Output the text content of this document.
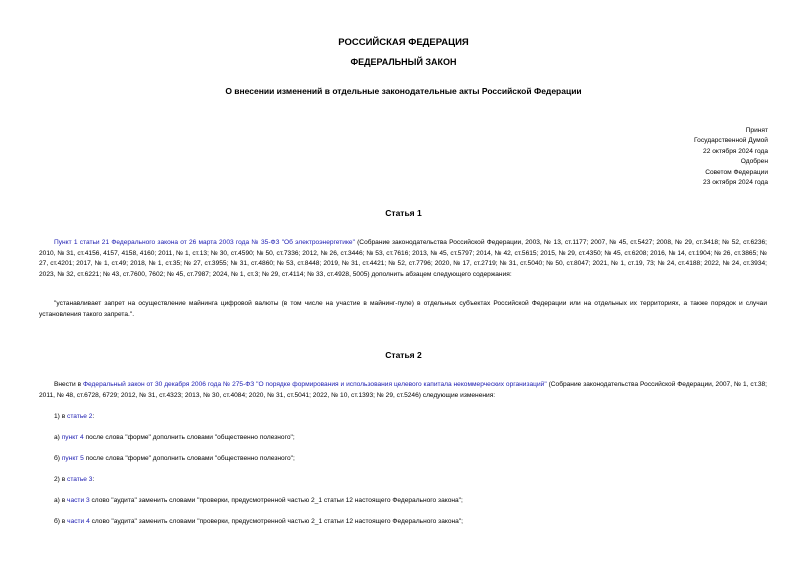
РОССИЙСКАЯ ФЕДЕРАЦИЯ
ФЕДЕРАЛЬНЫЙ ЗАКОН
О внесении изменений в отдельные законодательные акты Российской Федерации
Принят
Государственной Думой
22 октября 2024 года
Одобрен
Советом Федерации
23 октября 2024 года
Статья 1
Пункт 1 статьи 21 Федерального закона от 26 марта 2003 года № 35-ФЗ "Об электроэнергетике" (Собрание законодательства Российской Федерации, 2003, № 13, ст.1177; 2007, № 45, ст.5427; 2008, № 29, ст.3418; № 52, ст.6236; 2010, № 31, ст.4156, 4157, 4158, 4160; 2011, № 1, ст.13; № 30, ст.4590; № 50, ст.7336; 2012, № 26, ст.3446; № 53, ст.7616; 2013, № 45, ст.5797; 2014, № 42, ст.5615; 2015, № 29, ст.4350; № 45, ст.6208; 2016, № 14, ст.1904; № 26, ст.3865; № 27, ст.4201; 2017, № 1, ст.49; 2018, № 1, ст.35; № 27, ст.3955; № 31, ст.4860; № 53, ст.8448; 2019, № 31, ст.4421; № 52, ст.7796; 2020, № 17, ст.2719; № 31, ст.5040; № 50, ст.8047; 2021, № 1, ст.19, 73; № 24, ст.4188; 2022, № 24, ст.3934; 2023, № 32, ст.6221; № 43, ст.7600, 7602; № 45, ст.7987; 2024, № 1, ст.3; № 29, ст.4114; № 33, ст.4928, 5005) дополнить абзацем следующего содержания:
"устанавливает запрет на осуществление майнинга цифровой валюты (в том числе на участие в майнинг-пуле) в отдельных субъектах Российской Федерации или на отдельных их территориях, а также порядок и случаи установления такого запрета.".
Статья 2
Внести в Федеральный закон от 30 декабря 2006 года № 275-ФЗ "О порядке формирования и использования целевого капитала некоммерческих организаций" (Собрание законодательства Российской Федерации, 2007, № 1, ст.38; 2011, № 48, ст.6728, 6729; 2012, № 31, ст.4323; 2013, № 30, ст.4084; 2020, № 31, ст.5041; 2022, № 10, ст.1393; № 29, ст.5246) следующие изменения:
1) в статье 2:
а) пункт 4 после слова "форме" дополнить словами "общественно полезного";
б) пункт 5 после слова "форме" дополнить словами "общественно полезного";
2) в статье 3:
а) в части 3 слово "аудита" заменить словами "проверки, предусмотренной частью 2_1 статьи 12 настоящего Федерального закона";
б) в части 4 слово "аудита" заменить словами "проверки, предусмотренной частью 2_1 статьи 12 настоящего Федерального закона";
